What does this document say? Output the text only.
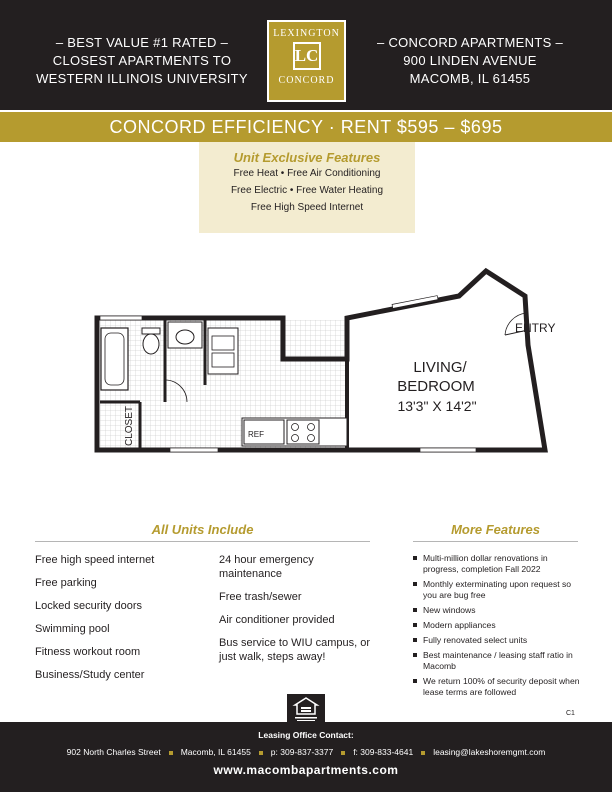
– BEST VALUE #1 RATED –
CLOSEST APARTMENTS TO
WESTERN ILLINOIS UNIVERSITY
LEXINGTON
LC
CONCORD
– CONCORD APARTMENTS –
900 LINDEN AVENUE
MACOMB, IL 61455
CONCORD EFFICIENCY · RENT $595 – $695
Unit Exclusive Features
Free Heat • Free Air Conditioning
Free Electric • Free Water Heating
Free High Speed Internet
REF
CLOSET
ENTRY
LIVING/
BEDROOM
13'3" X 14'2"
All Units Include
Free high speed internet
Free parking
Locked security doors
Swimming pool
Fitness workout room
Business/Study center
24 hour emergency maintenance
Free trash/sewer
Air conditioner provided
Bus service to WIU campus, or just walk, steps away!
More Features
Multi-million dollar renovations in progress, completion Fall 2022
Monthly exterminating upon request so you are bug free
New windows
Modern appliances
Fully renovated select units
Best maintenance / leasing staff ratio in Macomb
We return 100% of security deposit when lease terms are followed
C1
Leasing Office Contact:
902 North Charles Street Macomb, IL 61455 p: 309-837-3377 f: 309-833-4641 leasing@lakeshoremgmt.com
www.macombapartments.com
